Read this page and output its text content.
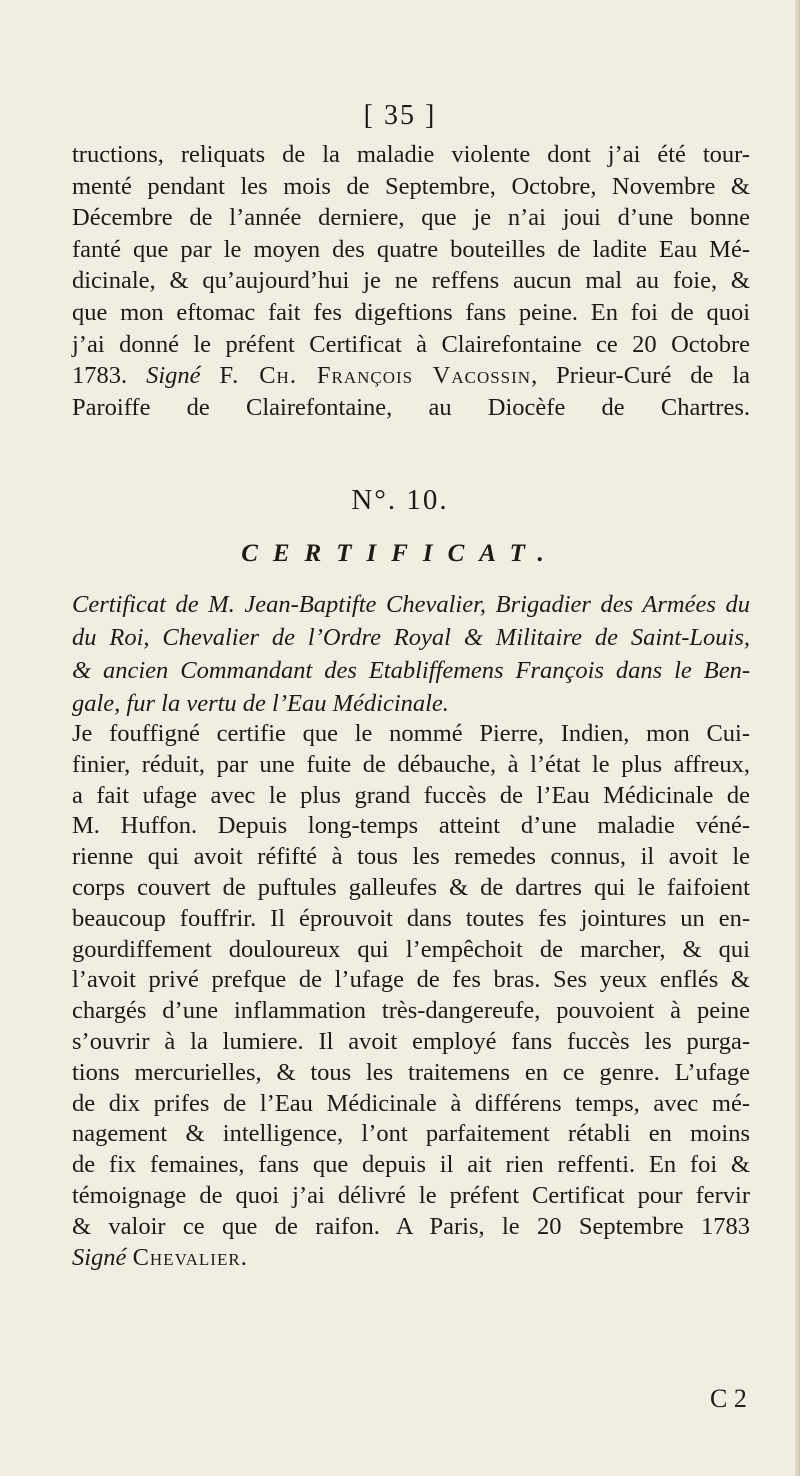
[ 35 ]
tructions, reliquats de la maladie violente dont j’ai été tour-
menté pendant les mois de Septembre, Octobre, Novembre &
Décembre de l’année derniere, que je n’ai joui d’une bonne
fanté que par le moyen des quatre bouteilles de ladite Eau Mé-
dicinale, & qu’aujourd’hui je ne reffens aucun mal au foie, &
que mon eftomac fait fes digeftions fans peine. En foi de quoi
j’ai donné le préfent Certificat à Clairefontaine ce 20 Octobre
1783. Signé F. Ch. François Vacossin, Prieur-Curé de la
Paroiffe de Clairefontaine, au Diocèfe de Chartres.
N°. 10.
CERTIFICAT.
Certificat de M. Jean-Baptifte Chevalier, Brigadier des Armées du
du Roi, Chevalier de l’Ordre Royal & Militaire de Saint-Louis,
& ancien Commandant des Etabliffemens François dans le Ben-
gale, fur la vertu de l’Eau Médicinale.
Je fouffigné certifie que le nommé Pierre, Indien, mon Cui-
finier, réduit, par une fuite de débauche, à l’état le plus affreux,
a fait ufage avec le plus grand fuccès de l’Eau Médicinale de
M. Huffon. Depuis long-temps atteint d’une maladie véné-
rienne qui avoit réfifté à tous les remedes connus, il avoit le
corps couvert de puftules galleufes & de dartres qui le faifoient
beaucoup fouffrir. Il éprouvoit dans toutes fes jointures un en-
gourdiffement douloureux qui l’empêchoit de marcher, & qui
l’avoit privé prefque de l’ufage de fes bras. Ses yeux enflés &
chargés d’une inflammation très-dangereufe, pouvoient à peine
s’ouvrir à la lumiere. Il avoit employé fans fuccès les purga-
tions mercurielles, & tous les traitemens en ce genre. L’ufage
de dix prifes de l’Eau Médicinale à différens temps, avec mé-
nagement & intelligence, l’ont parfaitement rétabli en moins
de fix femaines, fans que depuis il ait rien reffenti. En foi &
témoignage de quoi j’ai délivré le préfent Certificat pour fervir
& valoir ce que de raifon. A Paris, le 20 Septembre 1783
Signé Chevalier.
C 2
